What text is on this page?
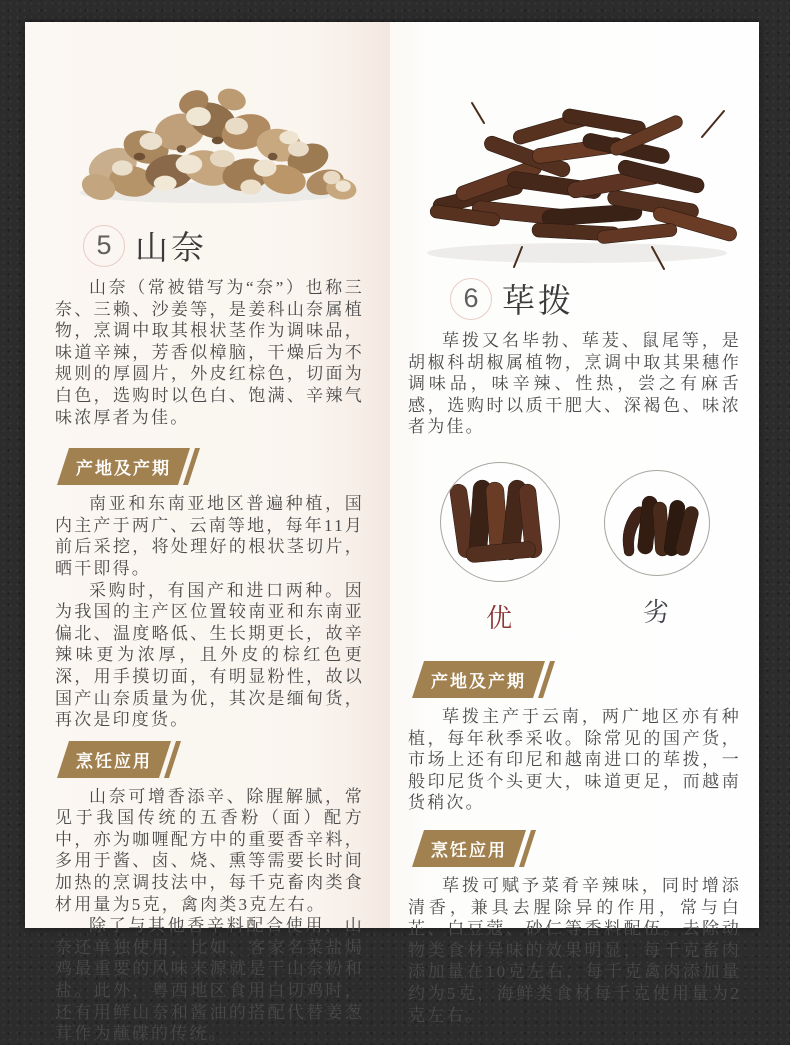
5 山奈

山奈（常被错写为“奈”）也称三奈、三赖、沙姜等，是姜科山奈属植物，烹调中取其根状茎作为调味品，味道辛辣，芳香似樟脑，干燥后为不规则的厚圆片，外皮红棕色，切面为白色，选购时以色白、饱满、辛辣气味浓厚者为佳。

产地及产期

南亚和东南亚地区普遍种植，国内主产于两广、云南等地，每年11月前后采挖，将处理好的根状茎切片，晒干即得。

采购时，有国产和进口两种。因为我国的主产区位置较南亚和东南亚偏北、温度略低、生长期更长，故辛辣味更为浓厚，且外皮的棕红色更深，用手摸切面，有明显粉性，故以国产山奈质量为优，其次是缅甸货，再次是印度货。

烹饪应用

山奈可增香添辛、除腥解腻，常见于我国传统的五香粉（面）配方中，亦为咖喱配方中的重要香辛料，多用于酱、卤、烧、熏等需要长时间加热的烹调技法中，每千克畜肉类食材用量为5克，禽肉类3克左右。

除了与其他香辛料配合使用，山奈还单独使用，比如，客家名菜盐焗鸡最重要的风味来源就是干山奈粉和盐。此外，粤西地区食用白切鸡时，还有用鲜山奈和酱油的搭配代替姜葱茸作为蘸碟的传统。

6 荜拨

荜拨又名毕勃、荜茇、鼠尾等，是胡椒科胡椒属植物，烹调中取其果穗作调味品，味辛辣、性热，尝之有麻舌感，选购时以质干肥大、深褐色、味浓者为佳。

优	劣
产地及产期

荜拨主产于云南，两广地区亦有种植，每年秋季采收。除常见的国产货，市场上还有印尼和越南进口的荜拨，一般印尼货个头更大，味道更足，而越南货稍次。

烹饪应用

荜拨可赋予菜肴辛辣味，同时增添清香，兼具去腥除异的作用，常与白芷、白豆蔻、砂仁等香料配伍。去除动物类食材异味的效果明显，每千克畜肉添加量在10克左右，每千克禽肉添加量约为5克，海鲜类食材每千克使用量为2克左右。
